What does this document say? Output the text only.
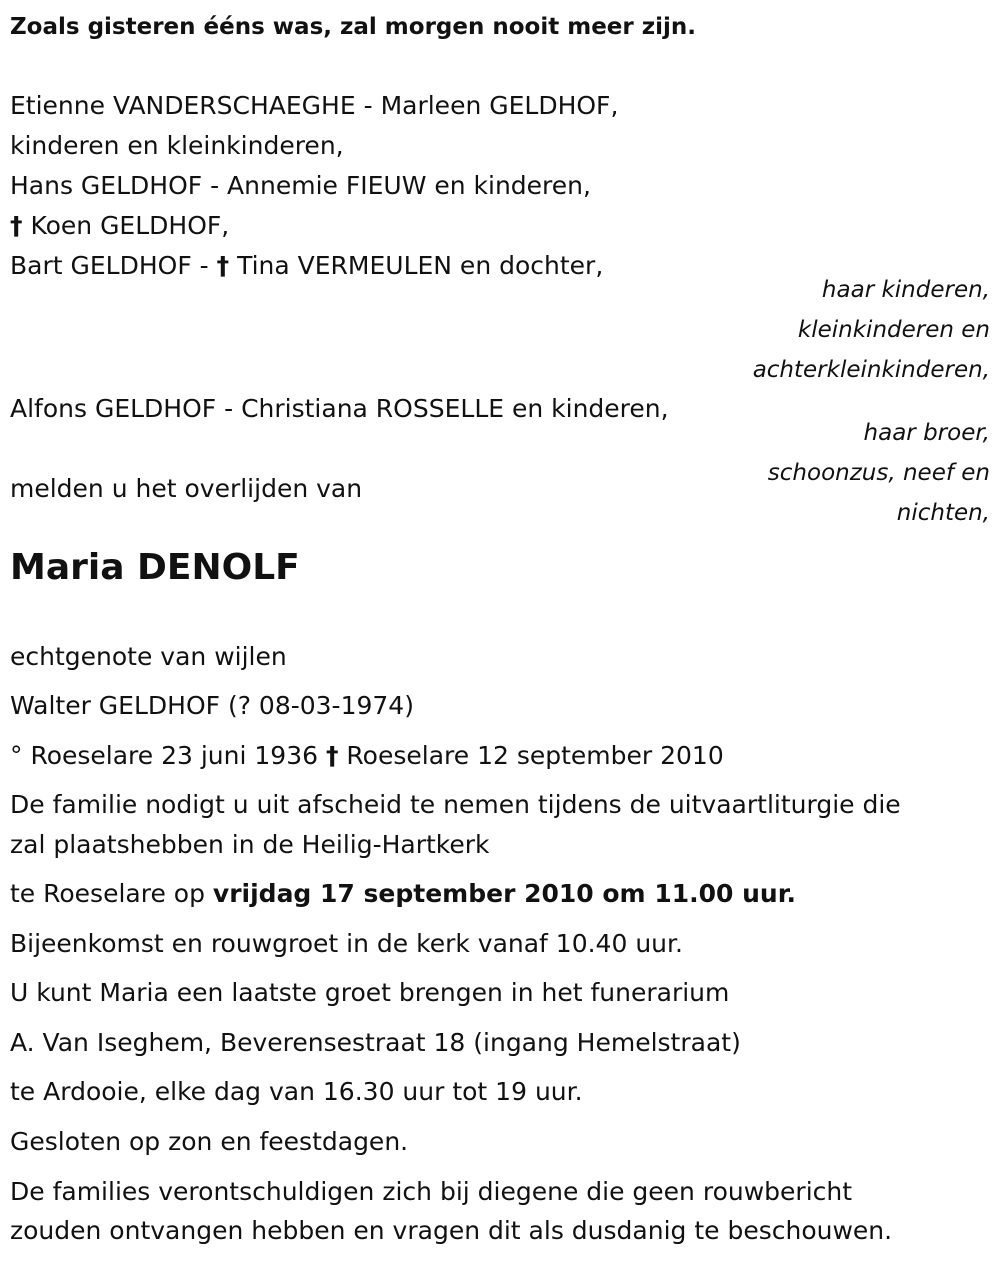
Zoals gisteren ééns was, zal morgen nooit meer zijn.
Etienne VANDERSCHAEGHE - Marleen GELDHOF,
kinderen en kleinkinderen,
Hans GELDHOF - Annemie FIEUW en kinderen,
† Koen GELDHOF,
Bart GELDHOF - † Tina VERMEULEN en dochter,
haar kinderen,
kleinkinderen en
achterkleinkinderen,
Alfons GELDHOF - Christiana ROSSELLE en kinderen,
haar broer,
schoonzus, neef en
nichten,
melden u het overlijden van
Maria DENOLF
echtgenote van wijlen
Walter GELDHOF (? 08-03-1974)
° Roeselare 23 juni 1936 † Roeselare 12 september 2010
De familie nodigt u uit afscheid te nemen tijdens de uitvaartliturgie die
zal plaatshebben in de Heilig-Hartkerk
te Roeselare op vrijdag 17 september 2010 om 11.00 uur.
Bijeenkomst en rouwgroet in de kerk vanaf 10.40 uur.
U kunt Maria een laatste groet brengen in het funerarium
A. Van Iseghem, Beverensestraat 18 (ingang Hemelstraat)
te Ardooie, elke dag van 16.30 uur tot 19 uur.
Gesloten op zon en feestdagen.
De families verontschuldigen zich bij diegene die geen rouwbericht
zouden ontvangen hebben en vragen dit als dusdanig te beschouwen.
